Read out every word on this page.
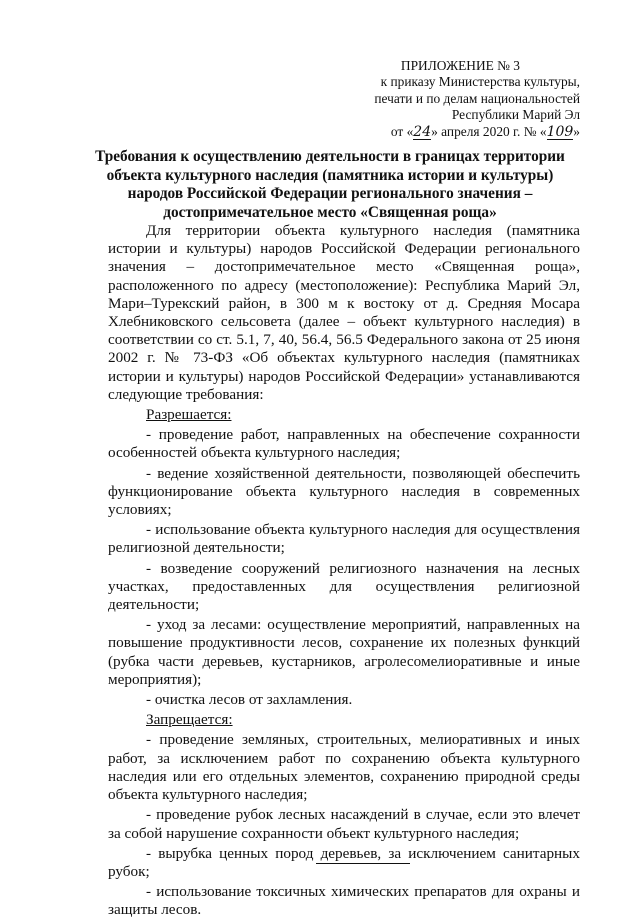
ПРИЛОЖЕНИЕ № 3
к приказу Министерства культуры,
печати и по делам национальностей
Республики Марий Эл
от «24» апреля 2020 г. № «109»
Требования к осуществлению деятельности в границах территории
объекта культурного наследия (памятника истории и культуры)
народов Российской Федерации регионального значения –
достопримечательное место «Священная роща»

Для территории объекта культурного наследия (памятника истории и культуры) народов Российской Федерации регионального значения – достопримечательное место «Священная роща», расположенного по адресу (местоположение): Республика Марий Эл, Мари–Турекский район, в 300 м к востоку от д. Средняя Мосара Хлебниковского сельсовета (далее – объект культурного наследия) в соответствии со ст. 5.1, 7, 40, 56.4, 56.5 Федерального закона от 25 июня 2002 г. № 73-ФЗ «Об объектах культурного наследия (памятниках истории и культуры) народов Российской Федерации» устанавливаются следующие требования:

Разрешается:

- проведение работ, направленных на обеспечение сохранности особенностей объекта культурного наследия;

- ведение хозяйственной деятельности, позволяющей обеспечить функционирование объекта культурного наследия в современных условиях;

- использование объекта культурного наследия для осуществления религиозной деятельности;

- возведение сооружений религиозного назначения на лесных участках, предоставленных для осуществления религиозной деятельности;

- уход за лесами: осуществление мероприятий, направленных на повышение продуктивности лесов, сохранение их полезных функций (рубка части деревьев, кустарников, агролесомелиоративные и иные мероприятия);

- очистка лесов от захламления.

Запрещается:

- проведение земляных, строительных, мелиоративных и иных работ, за исключением работ по сохранению объекта культурного наследия или его отдельных элементов, сохранению природной среды объекта культурного наследия;

- проведение рубок лесных насаждений в случае, если это влечет за собой нарушение сохранности объект культурного наследия;

- вырубка ценных пород деревьев, за исключением санитарных рубок;

- использование токсичных химических препаратов для охраны и защиты лесов.
